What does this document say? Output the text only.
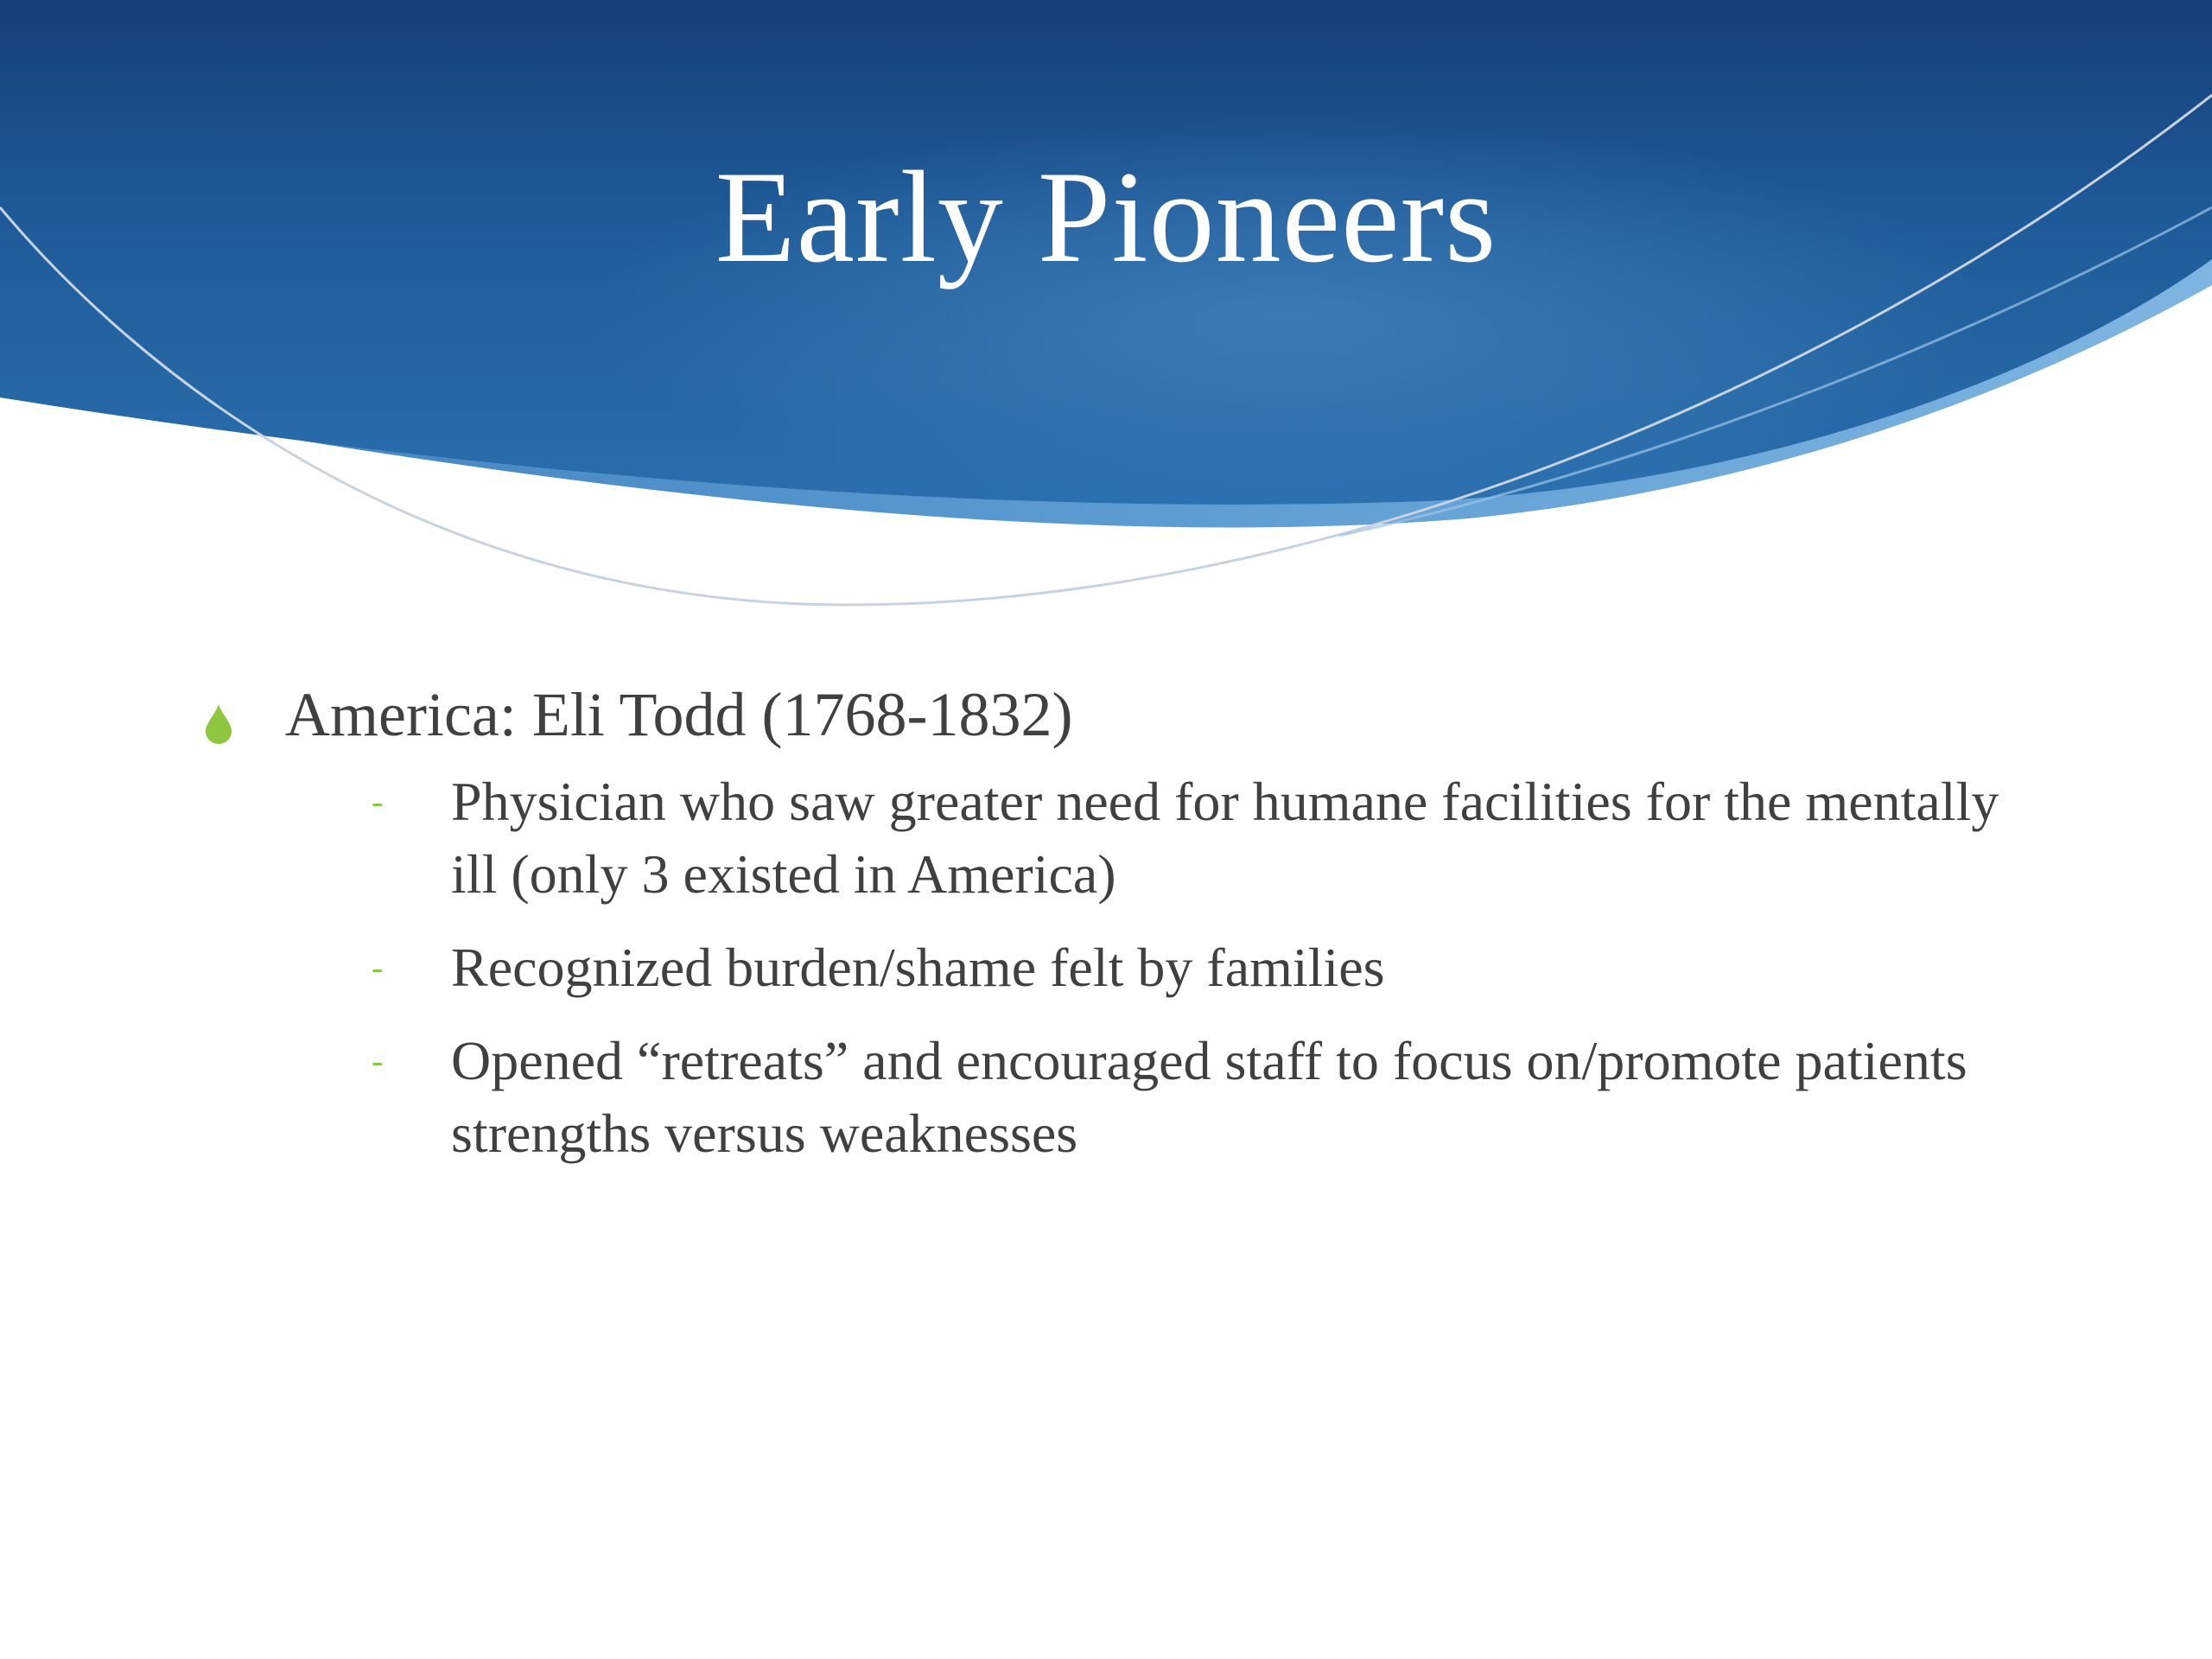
Early Pioneers
America: Eli Todd (1768-1832)
- Physician who saw greater need for humane facilities for the mentally ill (only 3 existed in America)
- Recognized burden/shame felt by families
- Opened “retreats” and encouraged staff to focus on/promote patients strengths versus weaknesses
